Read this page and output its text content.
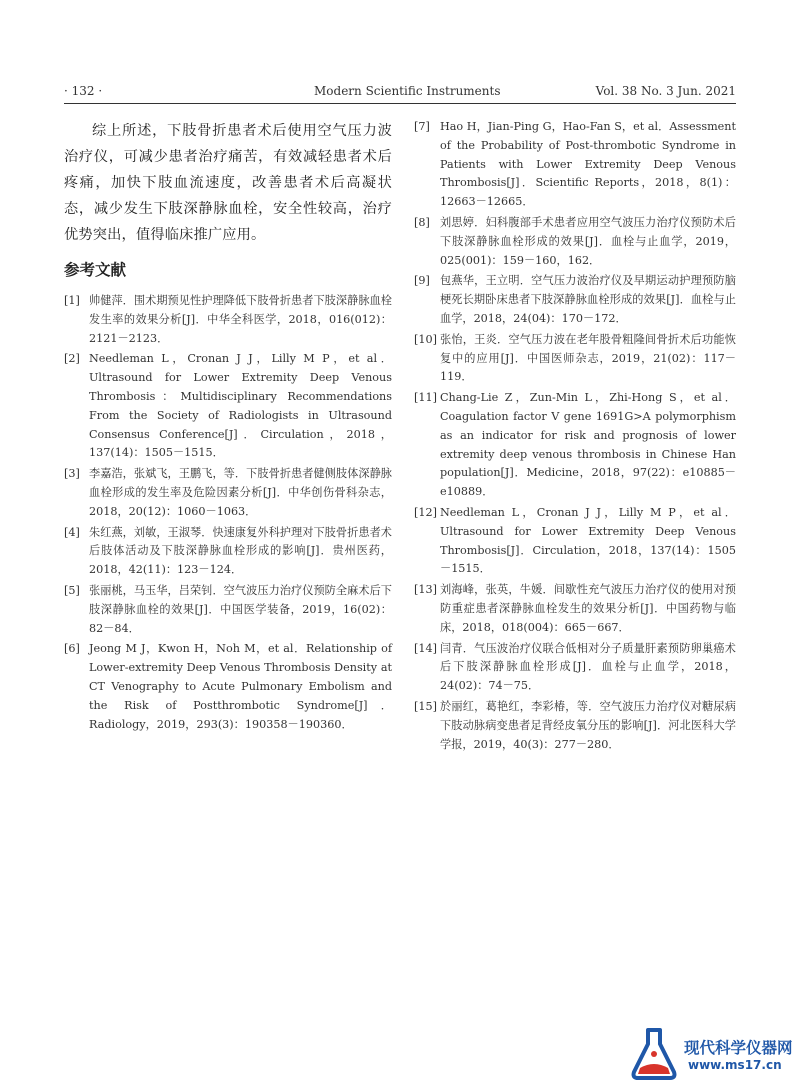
· 132 ·	Modern Scientific Instruments	Vol. 38 No. 3 Jun. 2021

综上所述，下肢骨折患者术后使用空气压力波治疗仪，可减少患者治疗痛苦，有效减轻患者术后疼痛，加快下肢血流速度，改善患者术后高凝状态，减少发生下肢深静脉血栓，安全性较高，治疗优势突出，值得临床推广应用。

参考文献
[1] 帅健萍．围术期预见性护理降低下肢骨折患者下肢深静脉血栓发生率的效果分析[J]．中华全科医学，2018，016(012)：2121－2123．
[2] Needleman L，Cronan J J，Lilly M P，et al．Ultrasound for Lower Extremity Deep Venous Thrombosis：Multidisciplinary Recommendations From the Society of Radiologists in Ultrasound Consensus Conference[J]．Circulation，2018，137(14)：1505－1515．
[3] 李嘉浩，张斌飞，王鹏飞，等．下肢骨折患者健侧肢体深静脉血栓形成的发生率及危险因素分析[J]．中华创伤骨科杂志，2018，20(12)：1060－1063．
[4] 朱红燕，刘敏，王淑琴．快速康复外科护理对下肢骨折患者术后肢体活动及下肢深静脉血栓形成的影响[J]．贵州医药，2018，42(11)：123－124．
[5] 张丽桃，马玉华，吕荣钊．空气波压力治疗仪预防全麻术后下肢深静脉血栓的效果[J]．中国医学装备，2019，16(02)：82－84．
[6] Jeong M J，Kwon H，Noh M，et al．Relationship of Lower-extremity Deep Venous Thrombosis Density at CT Venography to Acute Pulmonary Embolism and the Risk of Postthrombotic Syndrome[J]．Radiology，2019，293(3)：190358－190360．
[7] Hao H，Jian-Ping G，Hao-Fan S，et al．Assessment of the Probability of Post-thrombotic Syndrome in Patients with Lower Extremity Deep Venous Thrombosis[J]．Scientific Reports，2018，8(1)：12663－12665．
[8] 刘思婷．妇科腹部手术患者应用空气波压力治疗仪预防术后下肢深静脉血栓形成的效果[J]．血栓与止血学，2019，025(001)：159－160，162．
[9] 包燕华，王立明．空气压力波治疗仪及早期运动护理预防脑梗死长期卧床患者下肢深静脉血栓形成的效果[J]．血栓与止血学，2018，24(04)：170－172．
[10] 张怡，王炎．空气压力波在老年股骨粗隆间骨折术后功能恢复中的应用[J]．中国医师杂志，2019，21(02)：117－119．
[11] Chang-Lie Z，Zun-Min L，Zhi-Hong S，et al．Coagulation factor V gene 1691G>A polymorphism as an indicator for risk and prognosis of lower extremity deep venous thrombosis in Chinese Han population[J]．Medicine，2018，97(22)：e10885－e10889．
[12] Needleman L，Cronan J J，Lilly M P，et al．Ultrasound for Lower Extremity Deep Venous Thrombosis[J]．Circulation，2018，137(14)：1505－1515．
[13] 刘海峰，张英，牛媛．间歇性充气波压力治疗仪的使用对预防重症患者深静脉血栓发生的效果分析[J]．中国药物与临床，2018，018(004)：665－667．
[14] 闫青．气压波治疗仪联合低相对分子质量肝素预防卵巢癌术后下肢深静脉血栓形成[J]．血栓与止血学，2018，24(02)：74－75．
[15] 於丽红，葛艳红，李彩椿，等．空气波压力治疗仪对糖尿病下肢动脉病变患者足背经皮氧分压的影响[J]．河北医科大学学报，2019，40(3)：277－280．
现代科学仪器网
www.ms17.cn
